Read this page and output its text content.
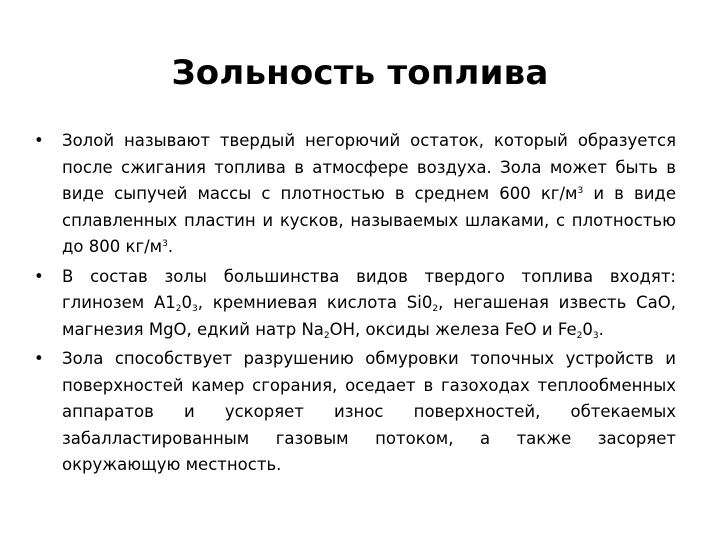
Зольность топлива
• Золой называют твердый негорючий остаток, который образуется после сжигания топлива в атмосфере воздуха. Зола может быть в виде сыпучей массы с плотностью в среднем 600 $кг/м^3$ и в виде сплавленных пластин и кусков, называемых шлаками, с плотностью до 800 $кг/м^3$.
• В состав золы большинства видов твердого топлива входят: глинозем $А1_20_3$, кремниевая кислота $Si0_2$, негашеная известь СаО, магнезия MgO, едкий натр $Na_2ОН$, оксиды железа FeO и $Fe_20_3$.
• Зола способствует разрушению обмуровки топочных устройств и поверхностей камер сгорания, оседает в газоходах теплообменных аппаратов и ускоряет износ поверхностей, обтекаемых забалластированным газовым потоком, а также засоряет окружающую местность.
